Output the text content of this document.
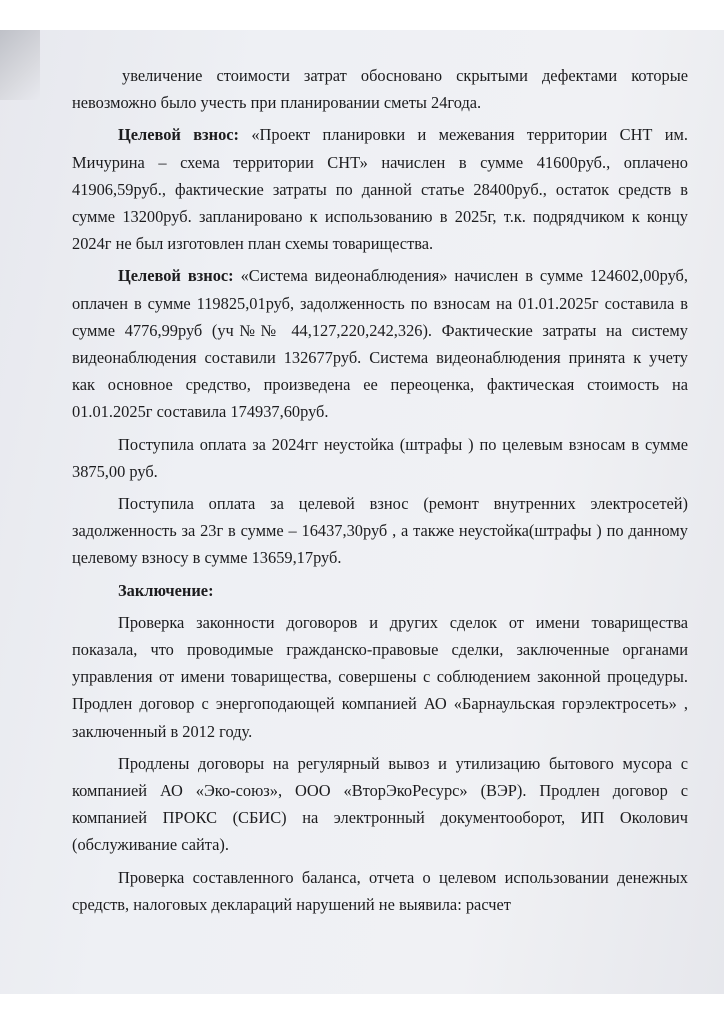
увеличение стоимости затрат обосновано скрытыми дефектами которые невозможно было учесть при планировании сметы 24года.

Целевой взнос: «Проект планировки и межевания территории СНТ им. Мичурина – схема территории СНТ» начислен в сумме 41600руб., оплачено 41906,59руб., фактические затраты по данной статье 28400руб., остаток средств в сумме 13200руб. запланировано к использованию в 2025г, т.к. подрядчиком к концу 2024г не был изготовлен план схемы товарищества.

Целевой взнос: «Система видеонаблюдения» начислен в сумме 124602,00руб, оплачен в сумме 119825,01руб, задолженность по взносам на 01.01.2025г составила в сумме 4776,99руб (уч№№ 44,127,220,242,326). Фактические затраты на систему видеонаблюдения составили 132677руб. Система видеонаблюдения принята к учету как основное средство, произведена ее переоценка, фактическая стоимость на 01.01.2025г составила 174937,60руб.

Поступила оплата за 2024гг неустойка (штрафы ) по целевым взносам в сумме 3875,00 руб.

Поступила оплата за целевой взнос (ремонт внутренних электросетей) задолженность за 23г в сумме – 16437,30руб , а также неустойка(штрафы ) по данному целевому взносу в сумме 13659,17руб.

Заключение:

Проверка законности договоров и других сделок от имени товарищества показала, что проводимые гражданско-правовые сделки, заключенные органами управления от имени товарищества, совершены с соблюдением законной процедуры. Продлен договор с энергоподающей компанией АО «Барнаульская горэлектросеть» , заключенный в 2012 году.

Продлены договоры на регулярный вывоз и утилизацию бытового мусора с компанией АО «Эко-союз», ООО «ВторЭкоРесурс» (ВЭР). Продлен договор с компанией ПРОКС (СБИС) на электронный документооборот, ИП Околович (обслуживание сайта).

Проверка составленного баланса, отчета о целевом использовании денежных средств, налоговых деклараций нарушений не выявила: расчет
